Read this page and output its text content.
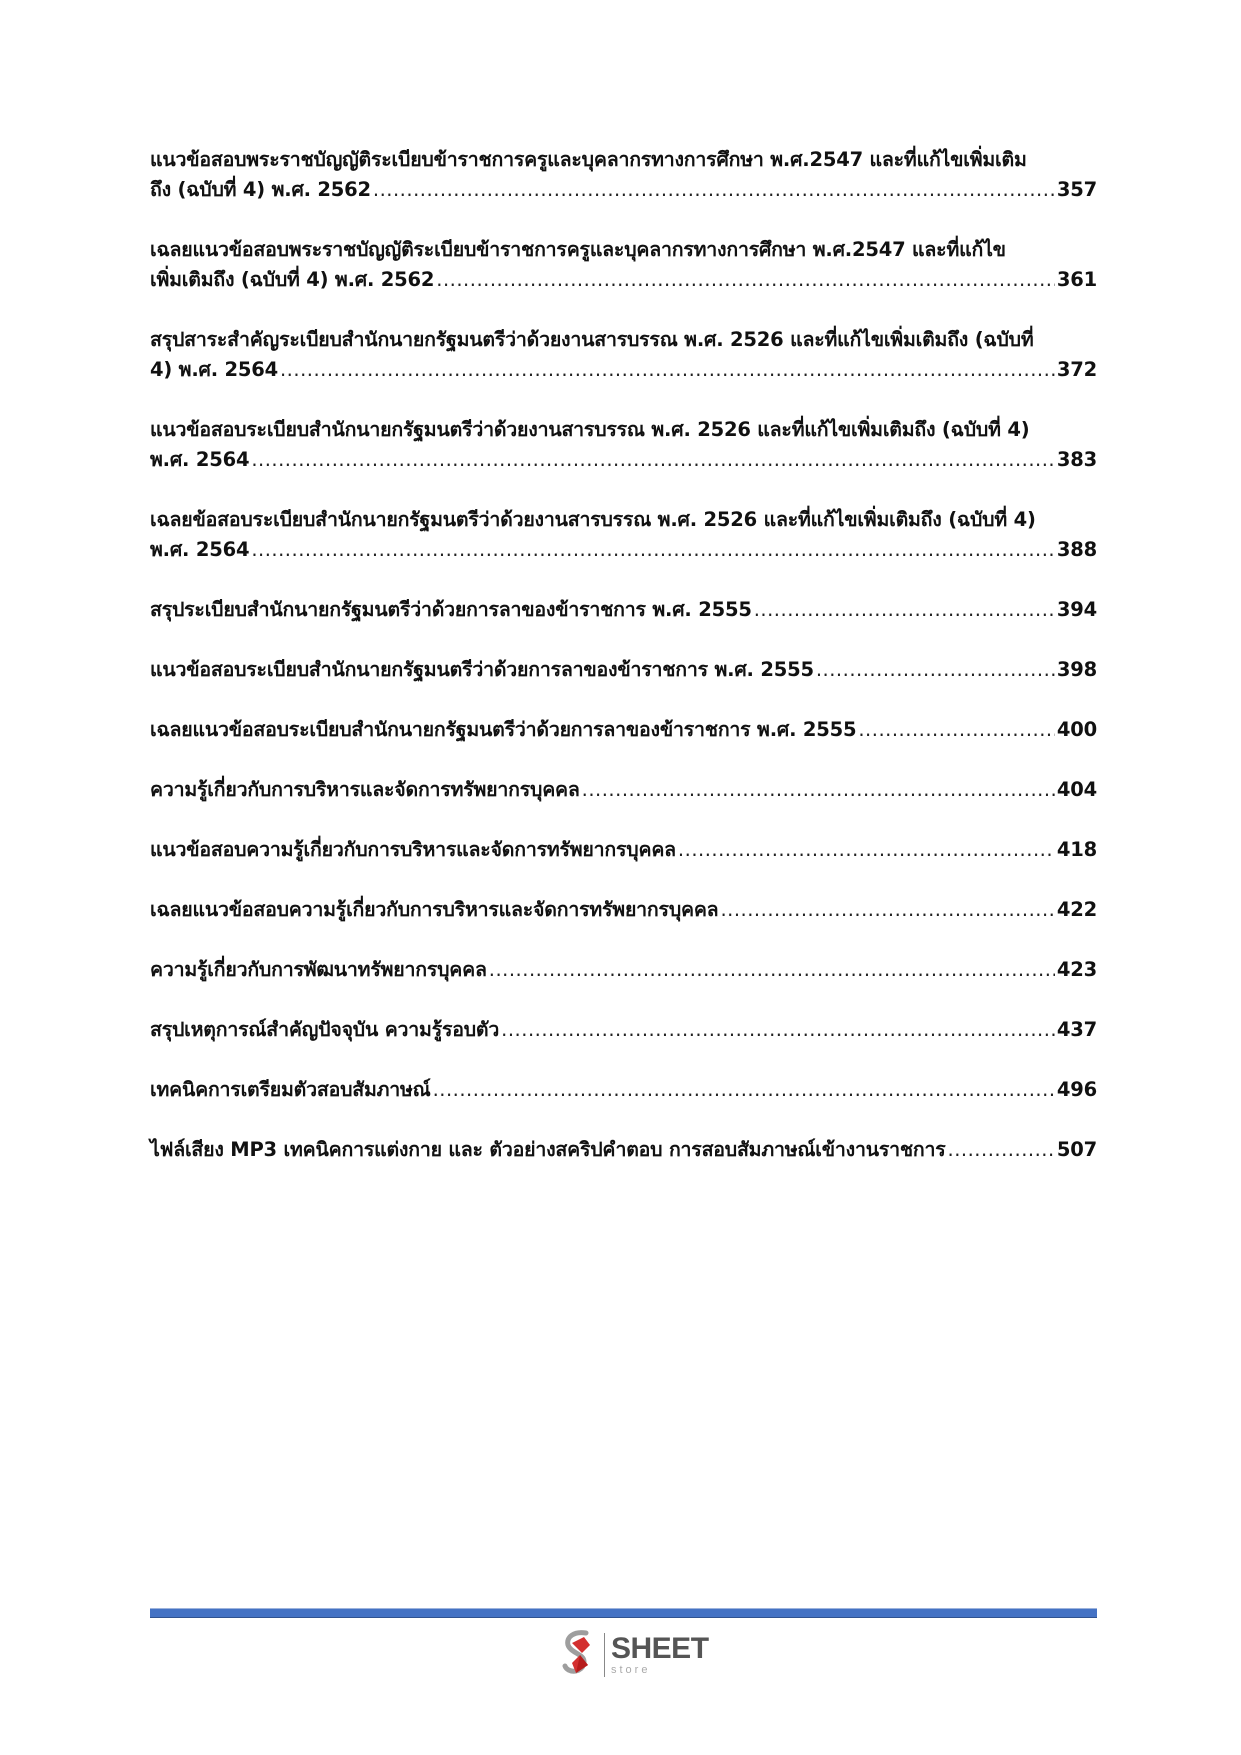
แนวข้อสอบพระราชบัญญัติระเบียบข้าราชการครูและบุคลากรทางการศึกษา พ.ศ.2547 และที่แก้ไขเพิ่มเติม
ถึง (ฉบับที่ 4) พ.ศ. 2562 .....	357
เฉลยแนวข้อสอบพระราชบัญญัติระเบียบข้าราชการครูและบุคลากรทางการศึกษา พ.ศ.2547 และที่แก้ไข
เพิ่มเติมถึง (ฉบับที่ 4) พ.ศ. 2562 .....	361
สรุปสาระสำคัญระเบียบสำนักนายกรัฐมนตรีว่าด้วยงานสารบรรณ พ.ศ. 2526 และที่แก้ไขเพิ่มเติมถึง (ฉบับที่
4) พ.ศ. 2564 .....	372
แนวข้อสอบระเบียบสำนักนายกรัฐมนตรีว่าด้วยงานสารบรรณ พ.ศ. 2526 และที่แก้ไขเพิ่มเติมถึง (ฉบับที่ 4)
พ.ศ. 2564 .....	383
เฉลยข้อสอบระเบียบสำนักนายกรัฐมนตรีว่าด้วยงานสารบรรณ พ.ศ. 2526 และที่แก้ไขเพิ่มเติมถึง (ฉบับที่ 4)
พ.ศ. 2564 .....	388
สรุประเบียบสำนักนายกรัฐมนตรีว่าด้วยการลาของข้าราชการ พ.ศ. 2555 .....	394
แนวข้อสอบระเบียบสำนักนายกรัฐมนตรีว่าด้วยการลาของข้าราชการ พ.ศ. 2555 .....	398
เฉลยแนวข้อสอบระเบียบสำนักนายกรัฐมนตรีว่าด้วยการลาของข้าราชการ พ.ศ. 2555 .....	400
ความรู้เกี่ยวกับการบริหารและจัดการทรัพยากรบุคคล .....	404
แนวข้อสอบความรู้เกี่ยวกับการบริหารและจัดการทรัพยากรบุคคล .....	418
เฉลยแนวข้อสอบความรู้เกี่ยวกับการบริหารและจัดการทรัพยากรบุคคล .....	422
ความรู้เกี่ยวกับการพัฒนาทรัพยากรบุคคล .....	423
สรุปเหตุการณ์สำคัญปัจจุบัน ความรู้รอบตัว .....	437
เทคนิคการเตรียมตัวสอบสัมภาษณ์ .....	496
ไฟล์เสียง MP3 เทคนิคการแต่งกาย และ ตัวอย่างสคริปคำตอบ การสอบสัมภาษณ์เข้างานราชการ .....	507
SHEET
store
